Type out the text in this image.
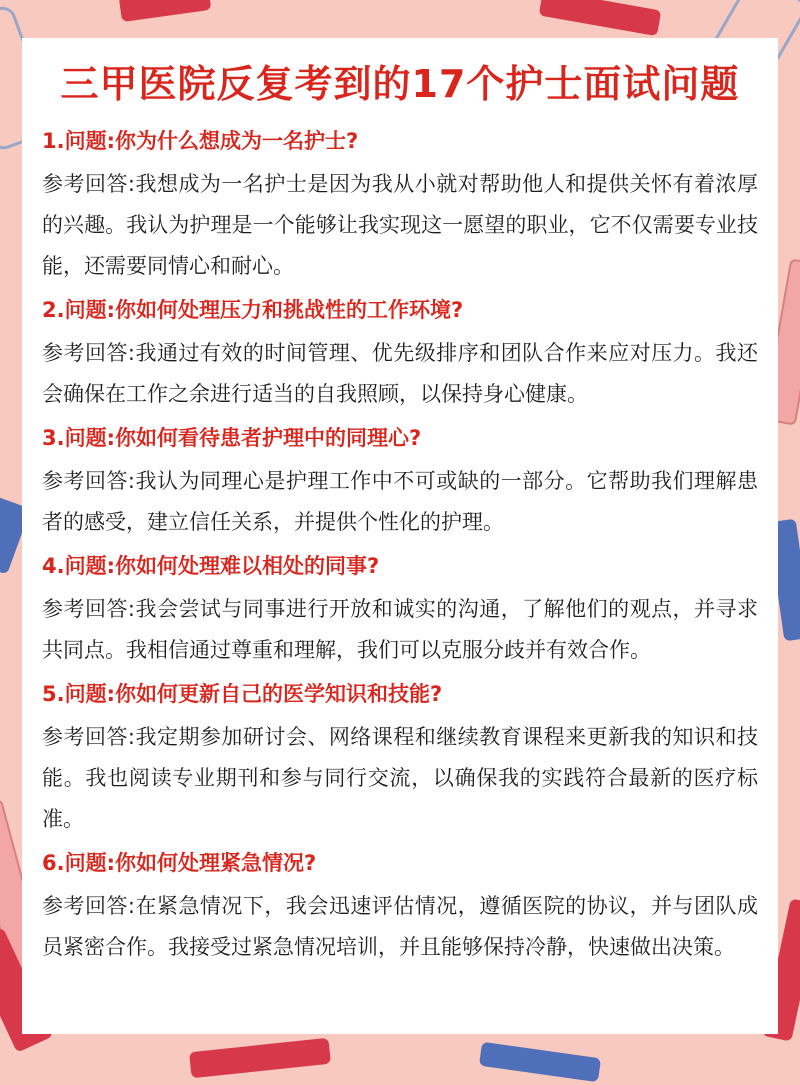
三甲医院反复考到的17个护士面试问题
1.问题:你为什么想成为一名护士?
参考回答:我想成为一名护士是因为我从小就对帮助他人和提供关怀有着浓厚的兴趣。我认为护理是一个能够让我实现这一愿望的职业，它不仅需要专业技能，还需要同情心和耐心。
2.问题:你如何处理压力和挑战性的工作环境?
参考回答:我通过有效的时间管理、优先级排序和团队合作来应对压力。我还会确保在工作之余进行适当的自我照顾，以保持身心健康。
3.问题:你如何看待患者护理中的同理心?
参考回答:我认为同理心是护理工作中不可或缺的一部分。它帮助我们理解患者的感受，建立信任关系，并提供个性化的护理。
4.问题:你如何处理难以相处的同事?
参考回答:我会尝试与同事进行开放和诚实的沟通，了解他们的观点，并寻求共同点。我相信通过尊重和理解，我们可以克服分歧并有效合作。
5.问题:你如何更新自己的医学知识和技能?
参考回答:我定期参加研讨会、网络课程和继续教育课程来更新我的知识和技能。我也阅读专业期刊和参与同行交流，以确保我的实践符合最新的医疗标准。
6.问题:你如何处理紧急情况?
参考回答:在紧急情况下，我会迅速评估情况，遵循医院的协议，并与团队成员紧密合作。我接受过紧急情况培训，并且能够保持冷静，快速做出决策。
